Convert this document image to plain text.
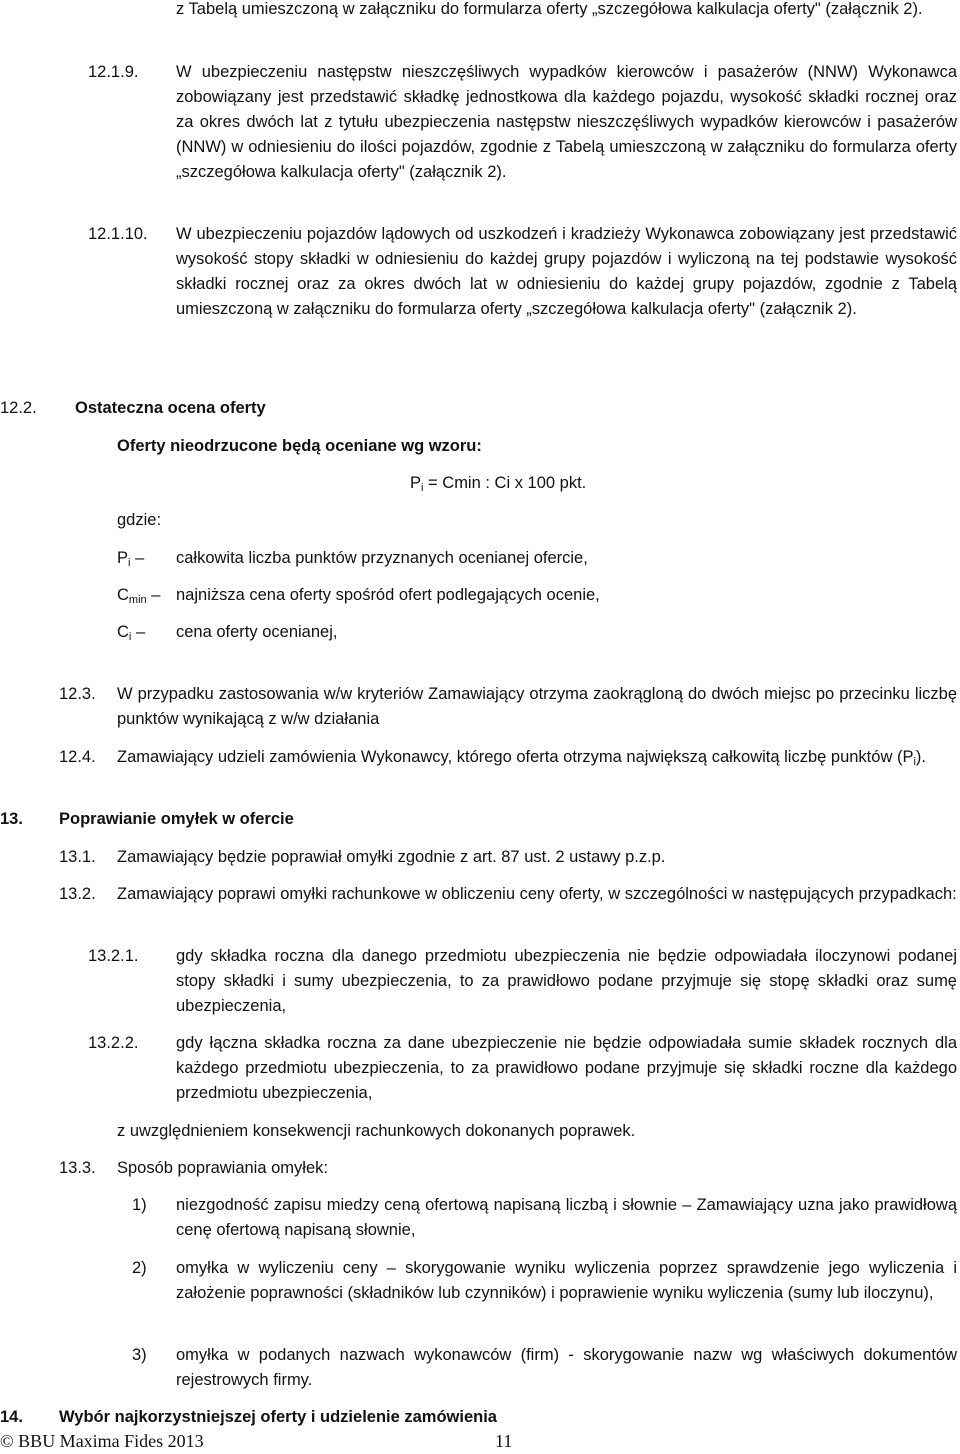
z Tabelą umieszczoną w załączniku do formularza oferty „szczegółowa kalkulacja oferty" (załącznik 2).
12.1.9. W ubezpieczeniu następstw nieszczęśliwych wypadków kierowców i pasażerów (NNW) Wykonawca zobowiązany jest przedstawić składkę jednostkowa dla każdego pojazdu, wysokość składki rocznej oraz za okres dwóch lat z tytułu ubezpieczenia następstw nieszczęśliwych wypadków kierowców i pasażerów (NNW) w odniesieniu do ilości pojazdów, zgodnie z Tabelą umieszczoną w załączniku do formularza oferty „szczegółowa kalkulacja oferty" (załącznik 2).
12.1.10. W ubezpieczeniu pojazdów lądowych od uszkodzeń i kradzieży Wykonawca zobowiązany jest przedstawić wysokość stopy składki w odniesieniu do każdej grupy pojazdów i wyliczoną na tej podstawie wysokość składki rocznej oraz za okres dwóch lat w odniesieniu do każdej grupy pojazdów, zgodnie z Tabelą umieszczoną w załączniku do formularza oferty „szczegółowa kalkulacja oferty" (załącznik 2).
12.2. Ostateczna ocena oferty
Oferty nieodrzucone będą oceniane wg wzoru:
$P_i = Cmin$ : Ci x 100 pkt.
gdzie:
$P_i$ – całkowita liczba punktów przyznanych ocenianej ofercie,
$C_{min}$ – najniższa cena oferty spośród ofert podlegających ocenie,
$C_i$ – cena oferty ocenianej,
12.3. W przypadku zastosowania w/w kryteriów Zamawiający otrzyma zaokrągloną do dwóch miejsc po przecinku liczbę punktów wynikającą z w/w działania
12.4. Zamawiający udzieli zamówienia Wykonawcy, którego oferta otrzyma największą całkowitą liczbę punktów $(P_i)$.
13. Poprawianie omyłek w ofercie
13.1. Zamawiający będzie poprawiał omyłki zgodnie z art. 87 ust. 2 ustawy p.z.p.
13.2. Zamawiający poprawi omyłki rachunkowe w obliczeniu ceny oferty, w szczególności w następujących przypadkach:
13.2.1. gdy składka roczna dla danego przedmiotu ubezpieczenia nie będzie odpowiadała iloczynowi podanej stopy składki i sumy ubezpieczenia, to za prawidłowo podane przyjmuje się stopę składki oraz sumę ubezpieczenia,
13.2.2. gdy łączna składka roczna za dane ubezpieczenie nie będzie odpowiadała sumie składek rocznych dla każdego przedmiotu ubezpieczenia, to za prawidłowo podane przyjmuje się składki roczne dla każdego przedmiotu ubezpieczenia,
z uwzględnieniem konsekwencji rachunkowych dokonanych poprawek.
13.3. Sposób poprawiania omyłek:
1) niezgodność zapisu miedzy ceną ofertową napisaną liczbą i słownie – Zamawiający uzna jako prawidłową cenę ofertową napisaną słownie,
2) omyłka w wyliczeniu ceny – skorygowanie wyniku wyliczenia poprzez sprawdzenie jego wyliczenia i założenie poprawności (składników lub czynników) i poprawienie wyniku wyliczenia (sumy lub iloczynu),
3) omyłka w podanych nazwach wykonawców (firm) - skorygowanie nazw wg właściwych dokumentów rejestrowych firmy.
14. Wybór najkorzystniejszej oferty i udzielenie zamówienia
© BBU Maxima Fides 2013	11
